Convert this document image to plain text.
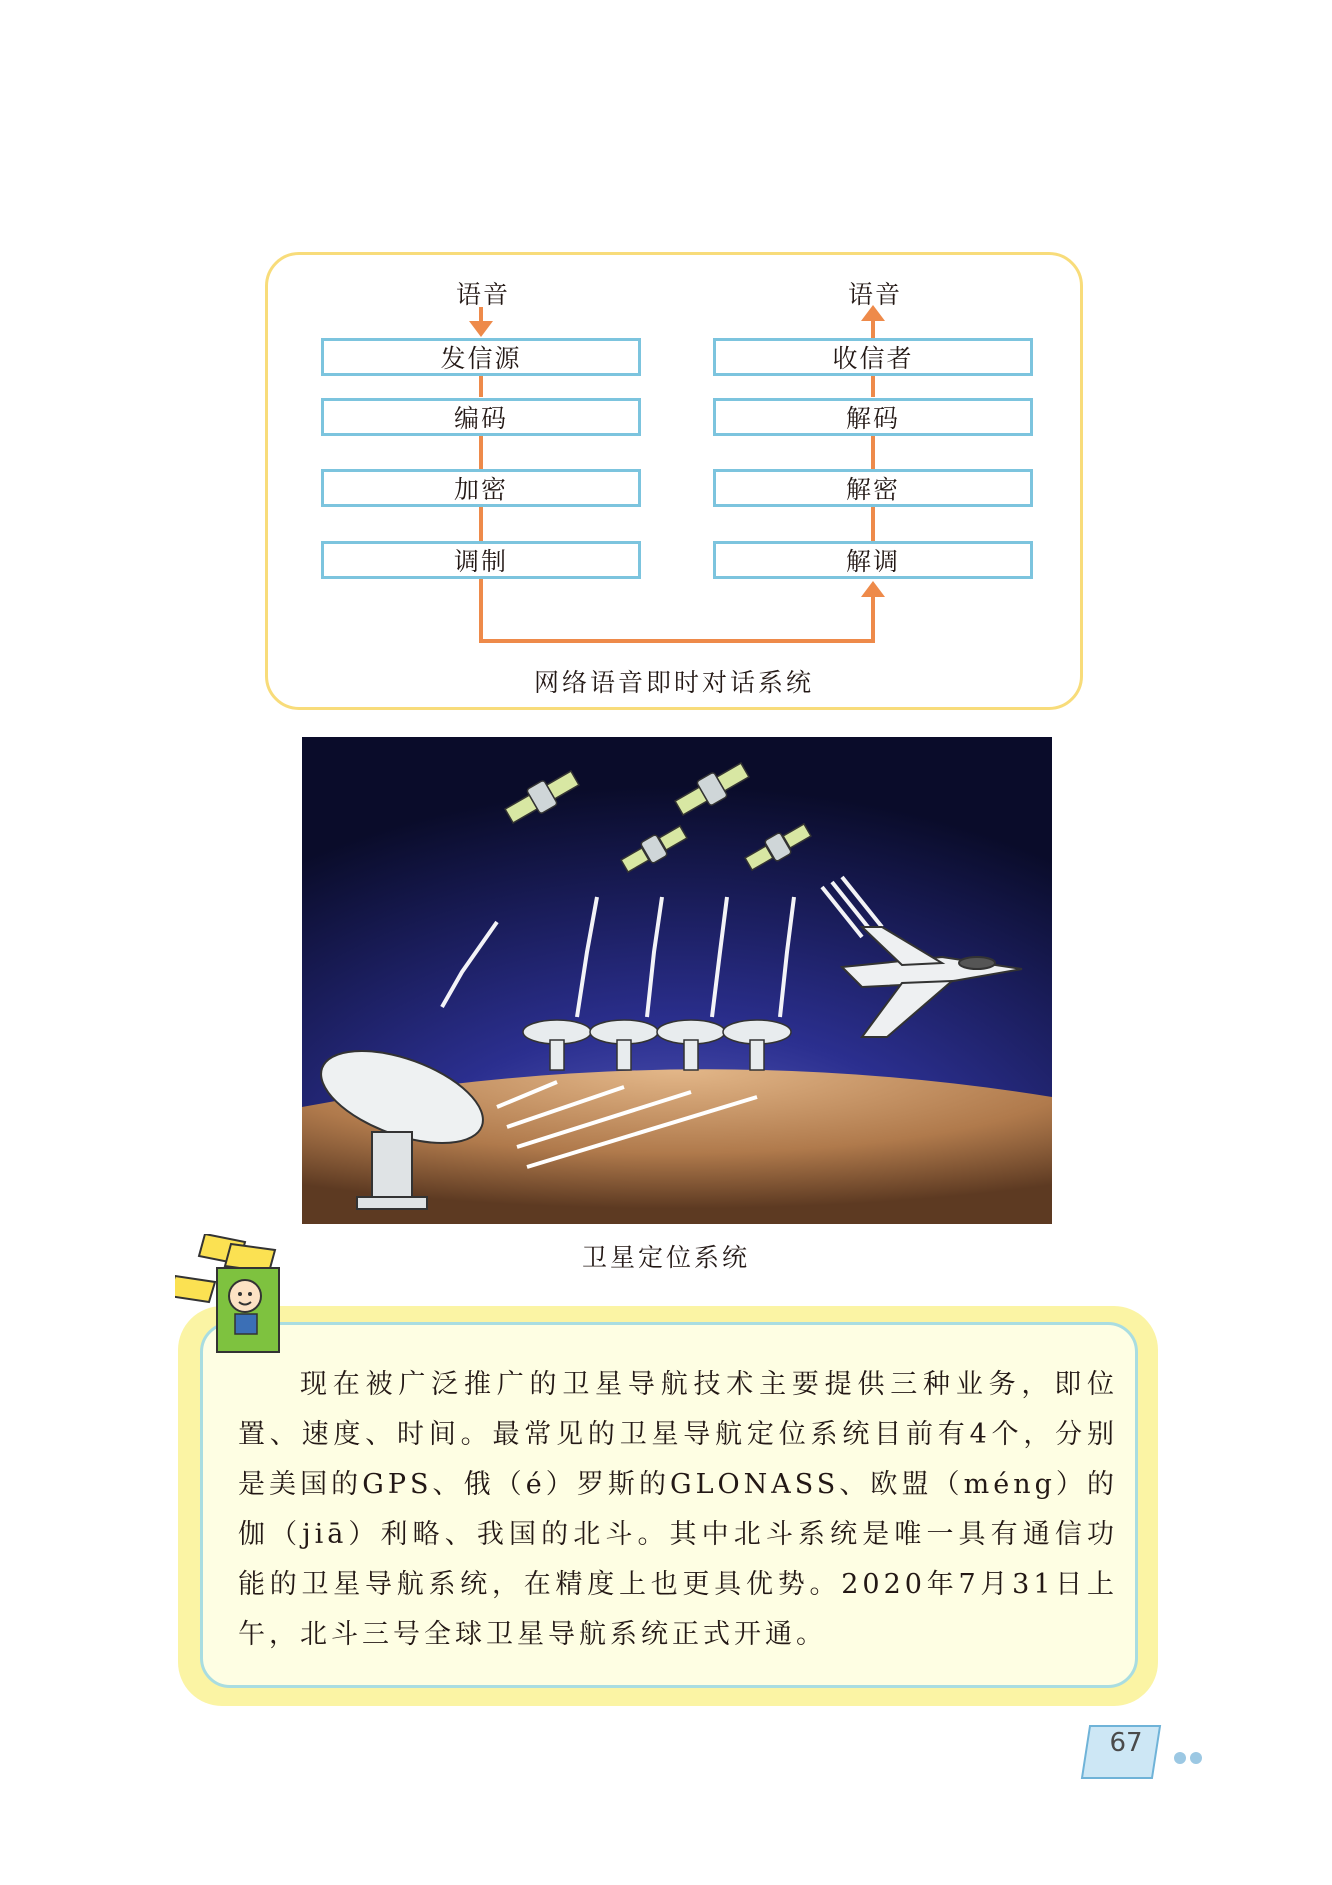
语音	语音
发信源
编码
加密
调制
收信者
解码
解密
解调
网络语音即时对话系统
卫星定位系统
现在被广泛推广的卫星导航技术主要提供三种业务，即位置、速度、时间。最常见的卫星导航定位系统目前有4个，分别是美国的GPS、俄（é）罗斯的GLONASS、欧盟（méng）的伽（jiā）利略、我国的北斗。其中北斗系统是唯一具有通信功能的卫星导航系统，在精度上也更具优势。2020年7月31日上午，北斗三号全球卫星导航系统正式开通。
67
